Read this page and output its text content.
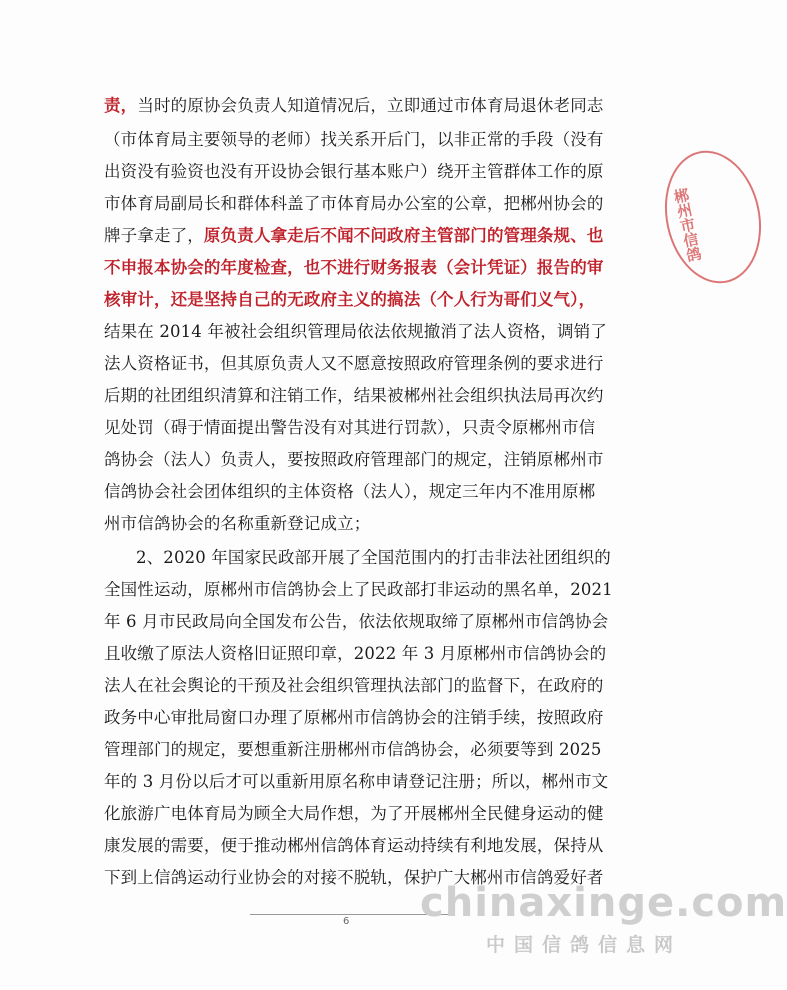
责，当时的原协会负责人知道情况后，立即通过市体育局退休老同志
（市体育局主要领导的老师）找关系开后门，以非正常的手段（没有
出资没有验资也没有开设协会银行基本账户）绕开主管群体工作的原
市体育局副局长和群体科盖了市体育局办公室的公章，把郴州协会的
牌子拿走了，原负责人拿走后不闻不问政府主管部门的管理条规、也
不申报本协会的年度检查，也不进行财务报表（会计凭证）报告的审
核审计，还是坚持自己的无政府主义的搞法（个人行为哥们义气），
结果在 2014 年被社会组织管理局依法依规撤消了法人资格，调销了
法人资格证书，但其原负责人又不愿意按照政府管理条例的要求进行
后期的社团组织清算和注销工作，结果被郴州社会组织执法局再次约
见处罚（碍于情面提出警告没有对其进行罚款），只责令原郴州市信
鸽协会（法人）负责人，要按照政府管理部门的规定，注销原郴州市
信鸽协会社会团体组织的主体资格（法人），规定三年内不准用原郴
州市信鸽协会的名称重新登记成立；
2、2020 年国家民政部开展了全国范围内的打击非法社团组织的
全国性运动，原郴州市信鸽协会上了民政部打非运动的黑名单，2021
年 6 月市民政局向全国发布公告，依法依规取缔了原郴州市信鸽协会
且收缴了原法人资格旧证照印章，2022 年 3 月原郴州市信鸽协会的
法人在社会舆论的干预及社会组织管理执法部门的监督下，在政府的
政务中心审批局窗口办理了原郴州市信鸽协会的注销手续，按照政府
管理部门的规定，要想重新注册郴州市信鸽协会，必须要等到 2025
年的 3 月份以后才可以重新用原名称申请登记注册；所以，郴州市文
化旅游广电体育局为顾全大局作想，为了开展郴州全民健身运动的健
康发展的需要，便于推动郴州信鸽体育运动持续有利地发展，保持从
下到上信鸽运动行业协会的对接不脱轨，保护广大郴州市信鸽爱好者
郴州市信鸽
6 chinaxinge.com
中国信鸽信息网
